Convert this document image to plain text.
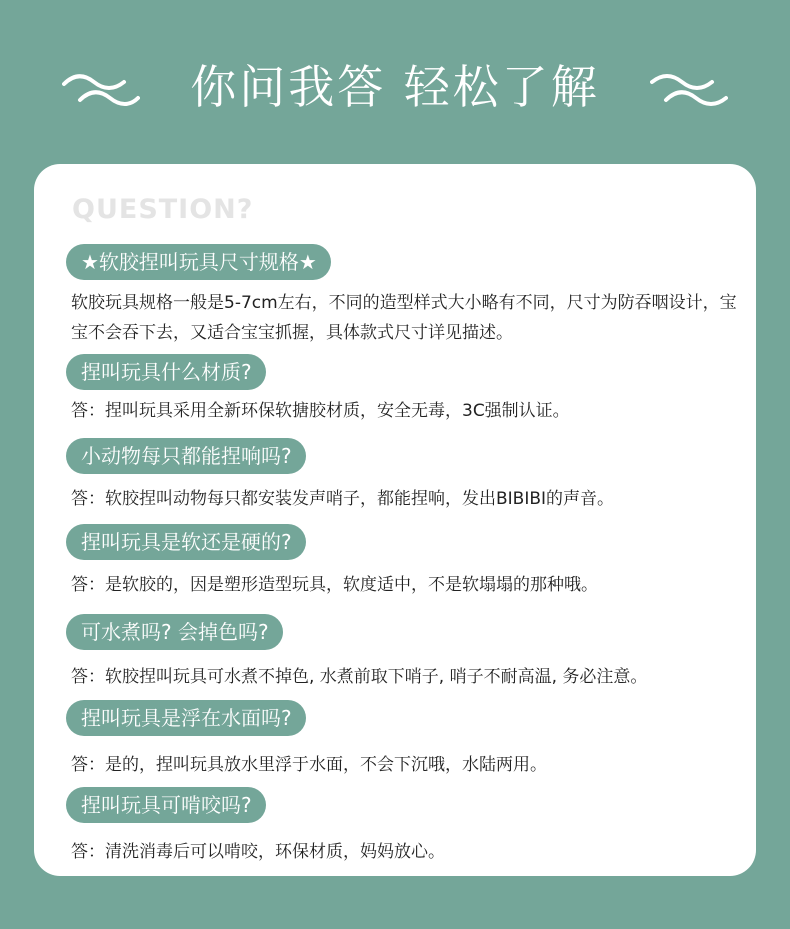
你问我答 轻松了解
QUESTION?
★软胶捏叫玩具尺寸规格★
软胶玩具规格一般是5-7cm左右，不同的造型样式大小略有不同，尺寸为防吞咽设计，宝宝不会吞下去，又适合宝宝抓握，具体款式尺寸详见描述。
捏叫玩具什么材质?
答：捏叫玩具采用全新环保软搪胶材质，安全无毒，3C强制认证。
小动物每只都能捏响吗?
答：软胶捏叫动物每只都安装发声哨子，都能捏响，发出BIBIBI的声音。
捏叫玩具是软还是硬的?
答：是软胶的，因是塑形造型玩具，软度适中，不是软塌塌的那种哦。
可水煮吗? 会掉色吗?
答：软胶捏叫玩具可水煮不掉色, 水煮前取下哨子, 哨子不耐高温, 务必注意。
捏叫玩具是浮在水面吗?
答：是的，捏叫玩具放水里浮于水面，不会下沉哦，水陆两用。
捏叫玩具可啃咬吗?
答：清洗消毒后可以啃咬，环保材质，妈妈放心。
